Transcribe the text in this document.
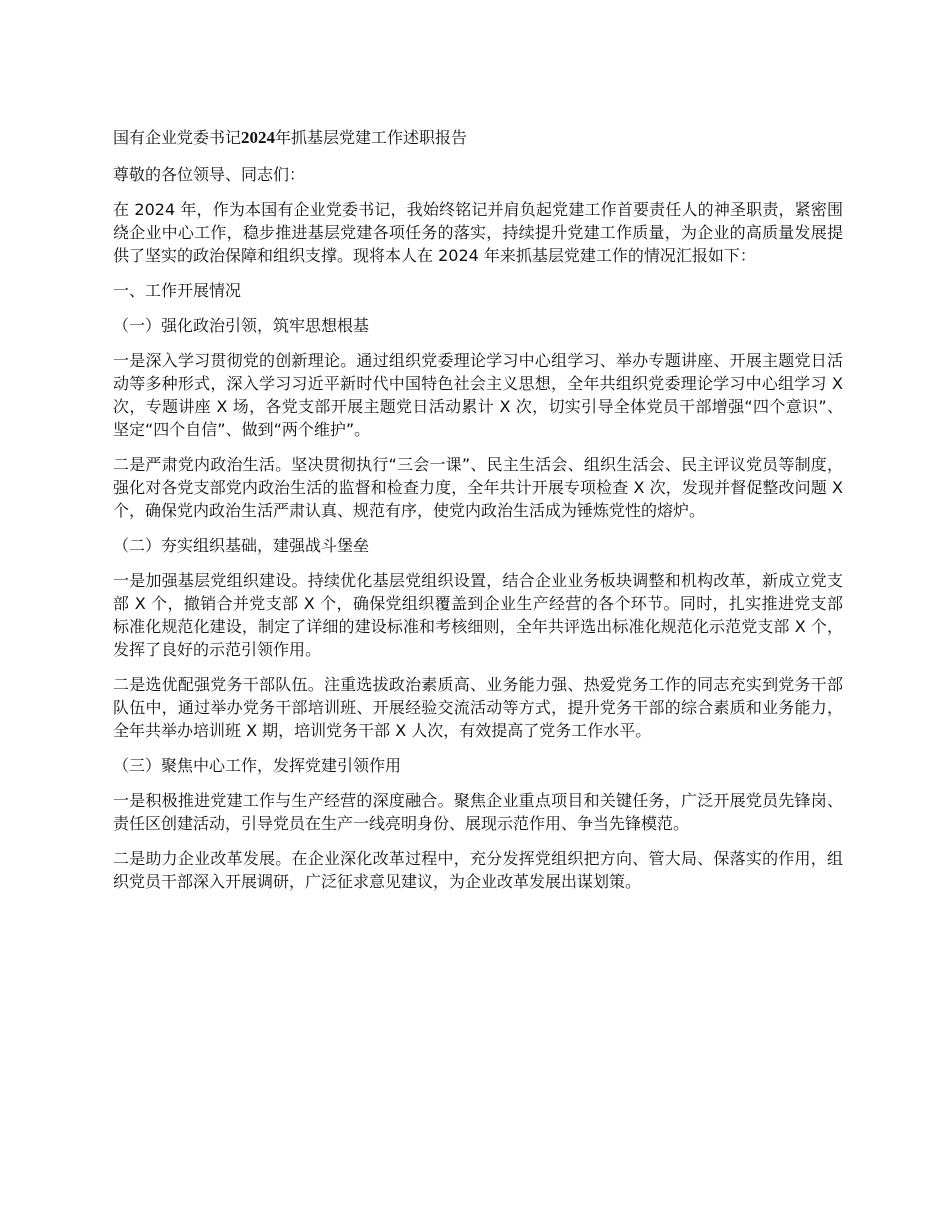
国有企业党委书记2024年抓基层党建工作述职报告
尊敬的各位领导、同志们：
在 2024 年，作为本国有企业党委书记，我始终铭记并肩负起党建工作首要责任人的神圣职责，紧密围绕企业中心工作，稳步推进基层党建各项任务的落实，持续提升党建工作质量，为企业的高质量发展提供了坚实的政治保障和组织支撑。现将本人在 2024 年来抓基层党建工作的情况汇报如下：
一、工作开展情况
（一）强化政治引领，筑牢思想根基
一是深入学习贯彻党的创新理论。通过组织党委理论学习中心组学习、举办专题讲座、开展主题党日活动等多种形式，深入学习习近平新时代中国特色社会主义思想，全年共组织党委理论学习中心组学习 X 次，专题讲座 X 场，各党支部开展主题党日活动累计 X 次，切实引导全体党员干部增强“四个意识”、坚定“四个自信”、做到“两个维护”。
二是严肃党内政治生活。坚决贯彻执行“三会一课”、民主生活会、组织生活会、民主评议党员等制度，强化对各党支部党内政治生活的监督和检查力度，全年共计开展专项检查 X 次，发现并督促整改问题 X 个，确保党内政治生活严肃认真、规范有序，使党内政治生活成为锤炼党性的熔炉。
（二）夯实组织基础，建强战斗堡垒
一是加强基层党组织建设。持续优化基层党组织设置，结合企业业务板块调整和机构改革，新成立党支部 X 个，撤销合并党支部 X 个，确保党组织覆盖到企业生产经营的各个环节。同时，扎实推进党支部标准化规范化建设，制定了详细的建设标准和考核细则，全年共评选出标准化规范化示范党支部 X 个，发挥了良好的示范引领作用。
二是选优配强党务干部队伍。注重选拔政治素质高、业务能力强、热爱党务工作的同志充实到党务干部队伍中，通过举办党务干部培训班、开展经验交流活动等方式，提升党务干部的综合素质和业务能力，全年共举办培训班 X 期，培训党务干部 X 人次，有效提高了党务工作水平。
（三）聚焦中心工作，发挥党建引领作用
一是积极推进党建工作与生产经营的深度融合。聚焦企业重点项目和关键任务，广泛开展党员先锋岗、责任区创建活动，引导党员在生产一线亮明身份、展现示范作用、争当先锋模范。
二是助力企业改革发展。在企业深化改革过程中，充分发挥党组织把方向、管大局、保落实的作用，组织党员干部深入开展调研，广泛征求意见建议，为企业改革发展出谋划策。
